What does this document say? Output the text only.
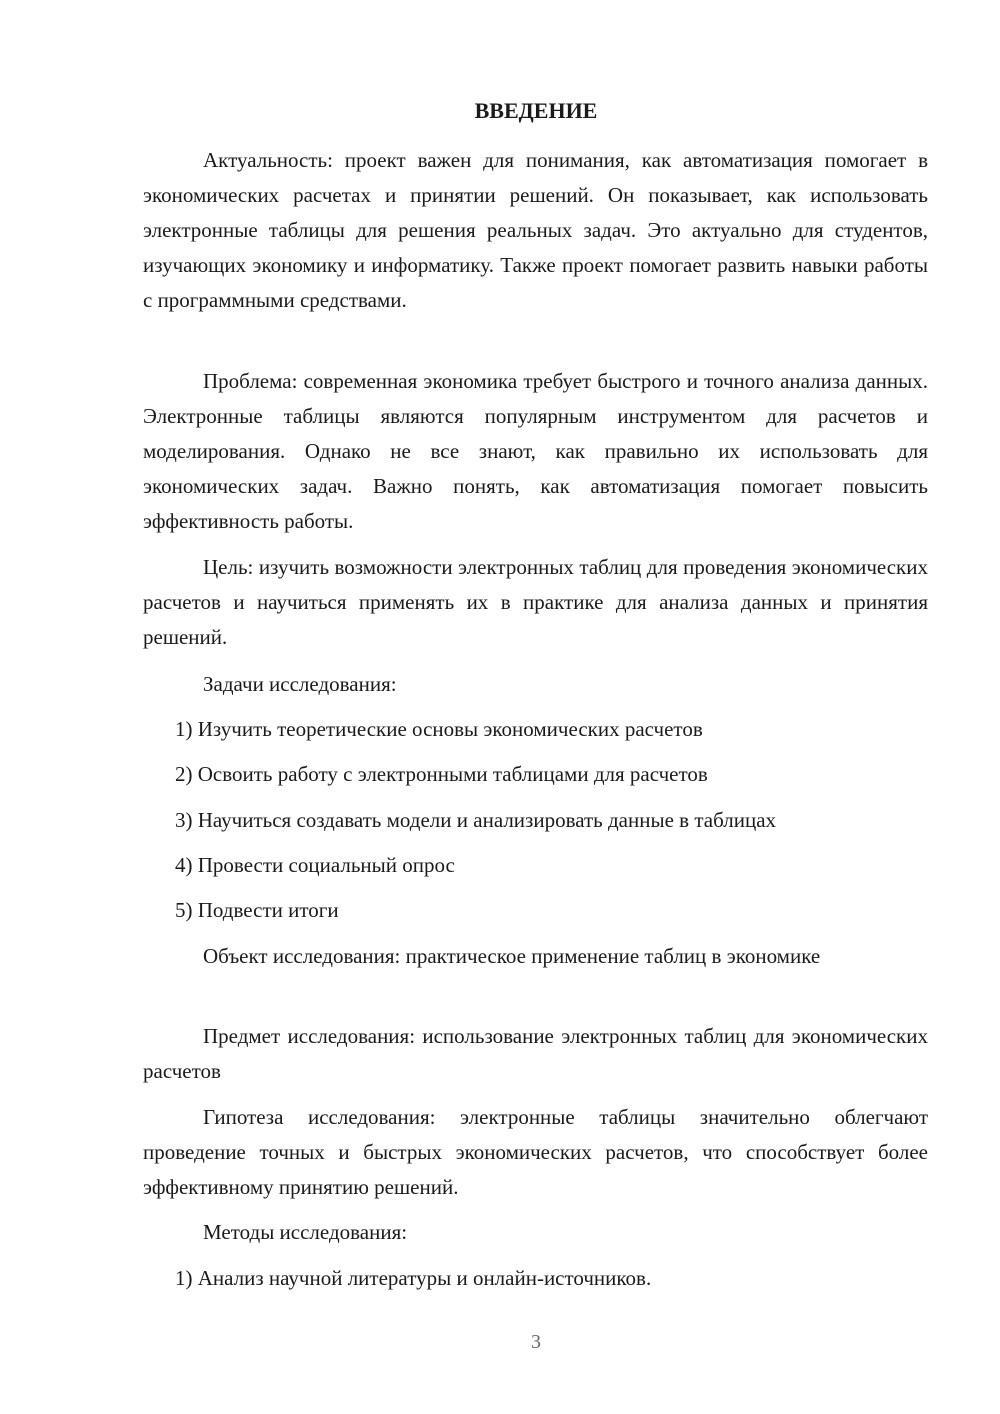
ВВЕДЕНИЕ
Актуальность: проект важен для понимания, как автоматизация помогает в экономических расчетах и принятии решений. Он показывает, как использовать электронные таблицы для решения реальных задач. Это актуально для студентов, изучающих экономику и информатику. Также проект помогает развить навыки работы с программными средствами.
Проблема: современная экономика требует быстрого и точного анализа данных. Электронные таблицы являются популярным инструментом для расчетов и моделирования. Однако не все знают, как правильно их использовать для экономических задач. Важно понять, как автоматизация помогает повысить эффективность работы.
Цель: изучить возможности электронных таблиц для проведения экономических расчетов и научиться применять их в практике для анализа данных и принятия решений.
Задачи исследования:
1) Изучить теоретические основы экономических расчетов
2) Освоить работу с электронными таблицами для расчетов
3) Научиться создавать модели и анализировать данные в таблицах
4) Провести социальный опрос
5) Подвести итоги
Объект исследования: практическое применение таблиц в экономике
Предмет исследования: использование электронных таблиц для экономических расчетов
Гипотеза исследования: электронные таблицы значительно облегчают проведение точных и быстрых экономических расчетов, что способствует более эффективному принятию решений.
Методы исследования:
1) Анализ научной литературы и онлайн-источников.
3
